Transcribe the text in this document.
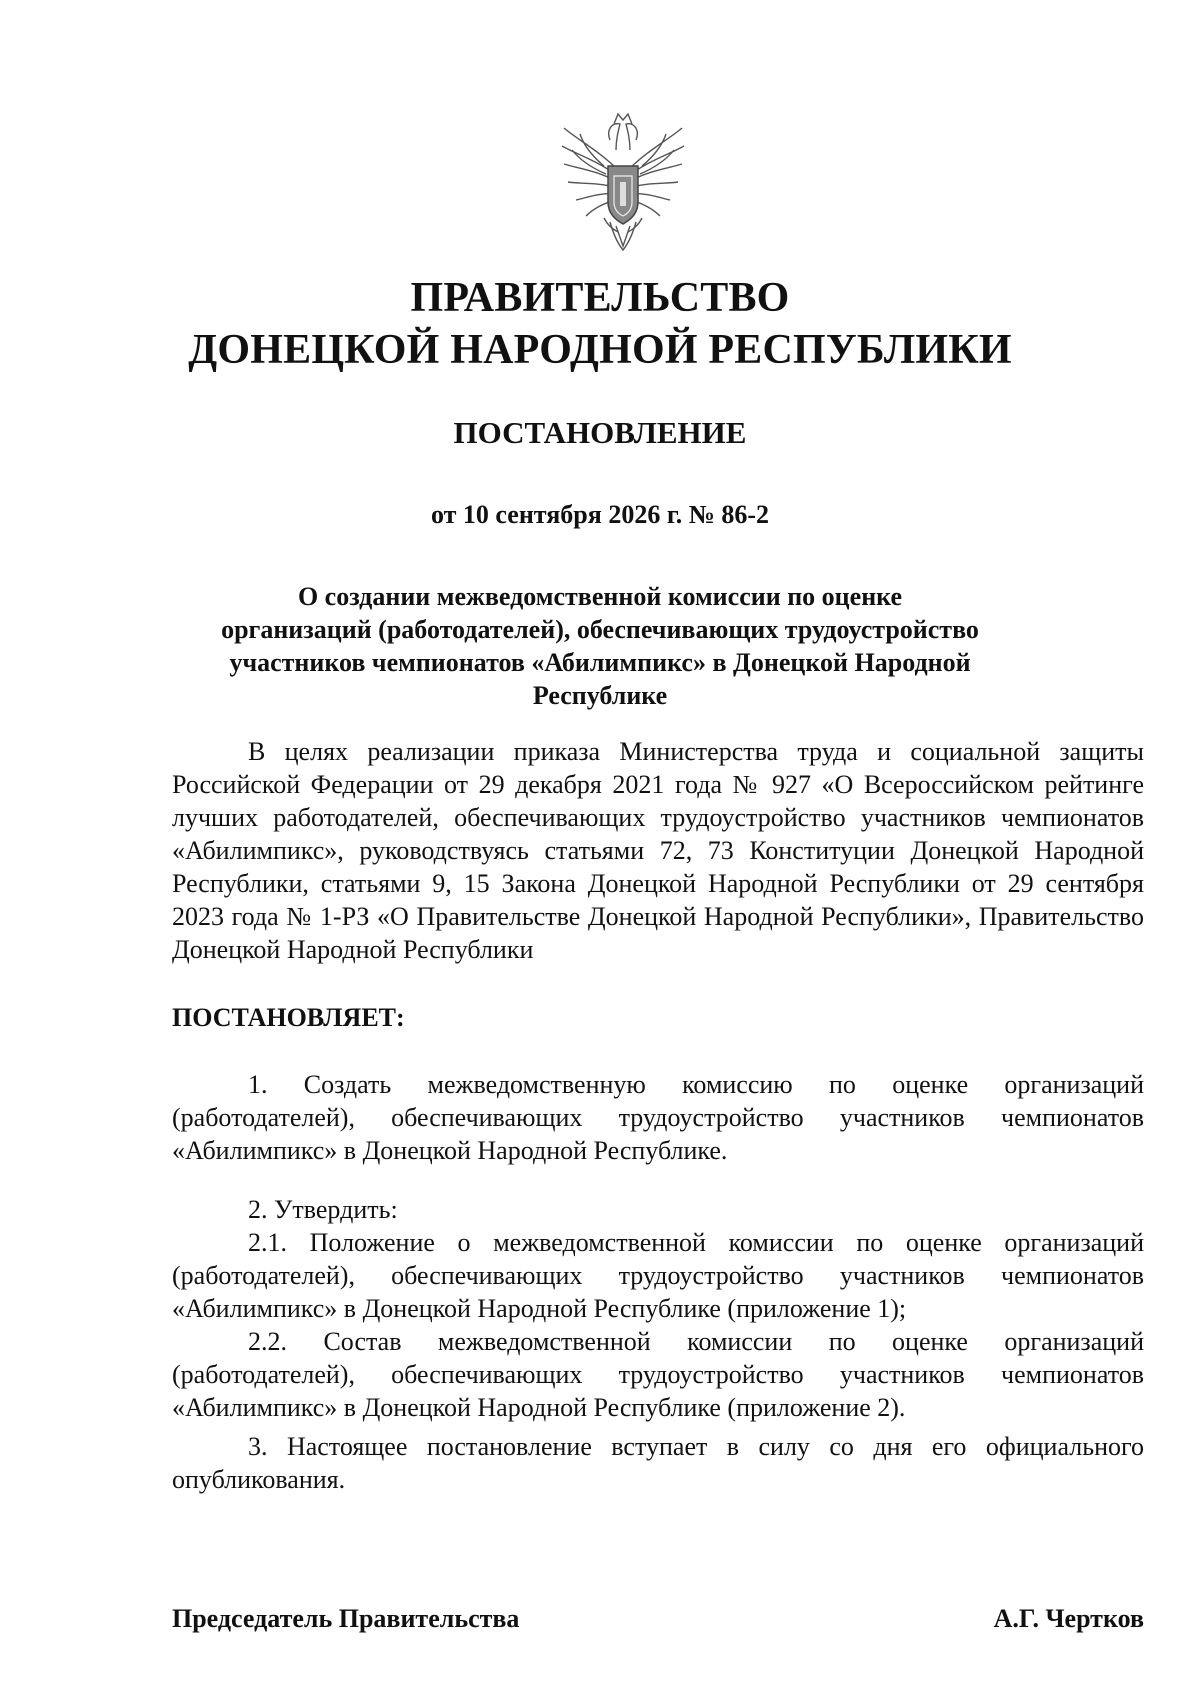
ПРАВИТЕЛЬСТВО
ДОНЕЦКОЙ НАРОДНОЙ РЕСПУБЛИКИ
ПОСТАНОВЛЕНИЕ
от 10 сентября 2026 г. № 86-2
О создании межведомственной комиссии по оценке организаций (работодателей), обеспечивающих трудоустройство участников чемпионатов «Абилимпикс» в Донецкой Народной Республике

В целях реализации приказа Министерства труда и социальной защиты Российской Федерации от 29 декабря 2021 года № 927 «О Всероссийском рейтинге лучших работодателей, обеспечивающих трудоустройство участников чемпионатов «Абилимпикс», руководствуясь статьями 72, 73 Конституции Донецкой Народной Республики, статьями 9, 15 Закона Донецкой Народной Республики от 29 сентября 2023 года № 1-РЗ «О Правительстве Донецкой Народной Республики», Правительство Донецкой Народной Республики

ПОСТАНОВЛЯЕТ:

1. Создать межведомственную комиссию по оценке организаций (работодателей), обеспечивающих трудоустройство участников чемпионатов «Абилимпикс» в Донецкой Народной Республике.

2. Утвердить:

2.1. Положение о межведомственной комиссии по оценке организаций (работодателей), обеспечивающих трудоустройство участников чемпионатов «Абилимпикс» в Донецкой Народной Республике (приложение 1);

2.2. Состав межведомственной комиссии по оценке организаций (работодателей), обеспечивающих трудоустройство участников чемпионатов «Абилимпикс» в Донецкой Народной Республике (приложение 2).

3. Настоящее постановление вступает в силу со дня его официального опубликования.

Председатель Правительства	А.Г. Чертков
